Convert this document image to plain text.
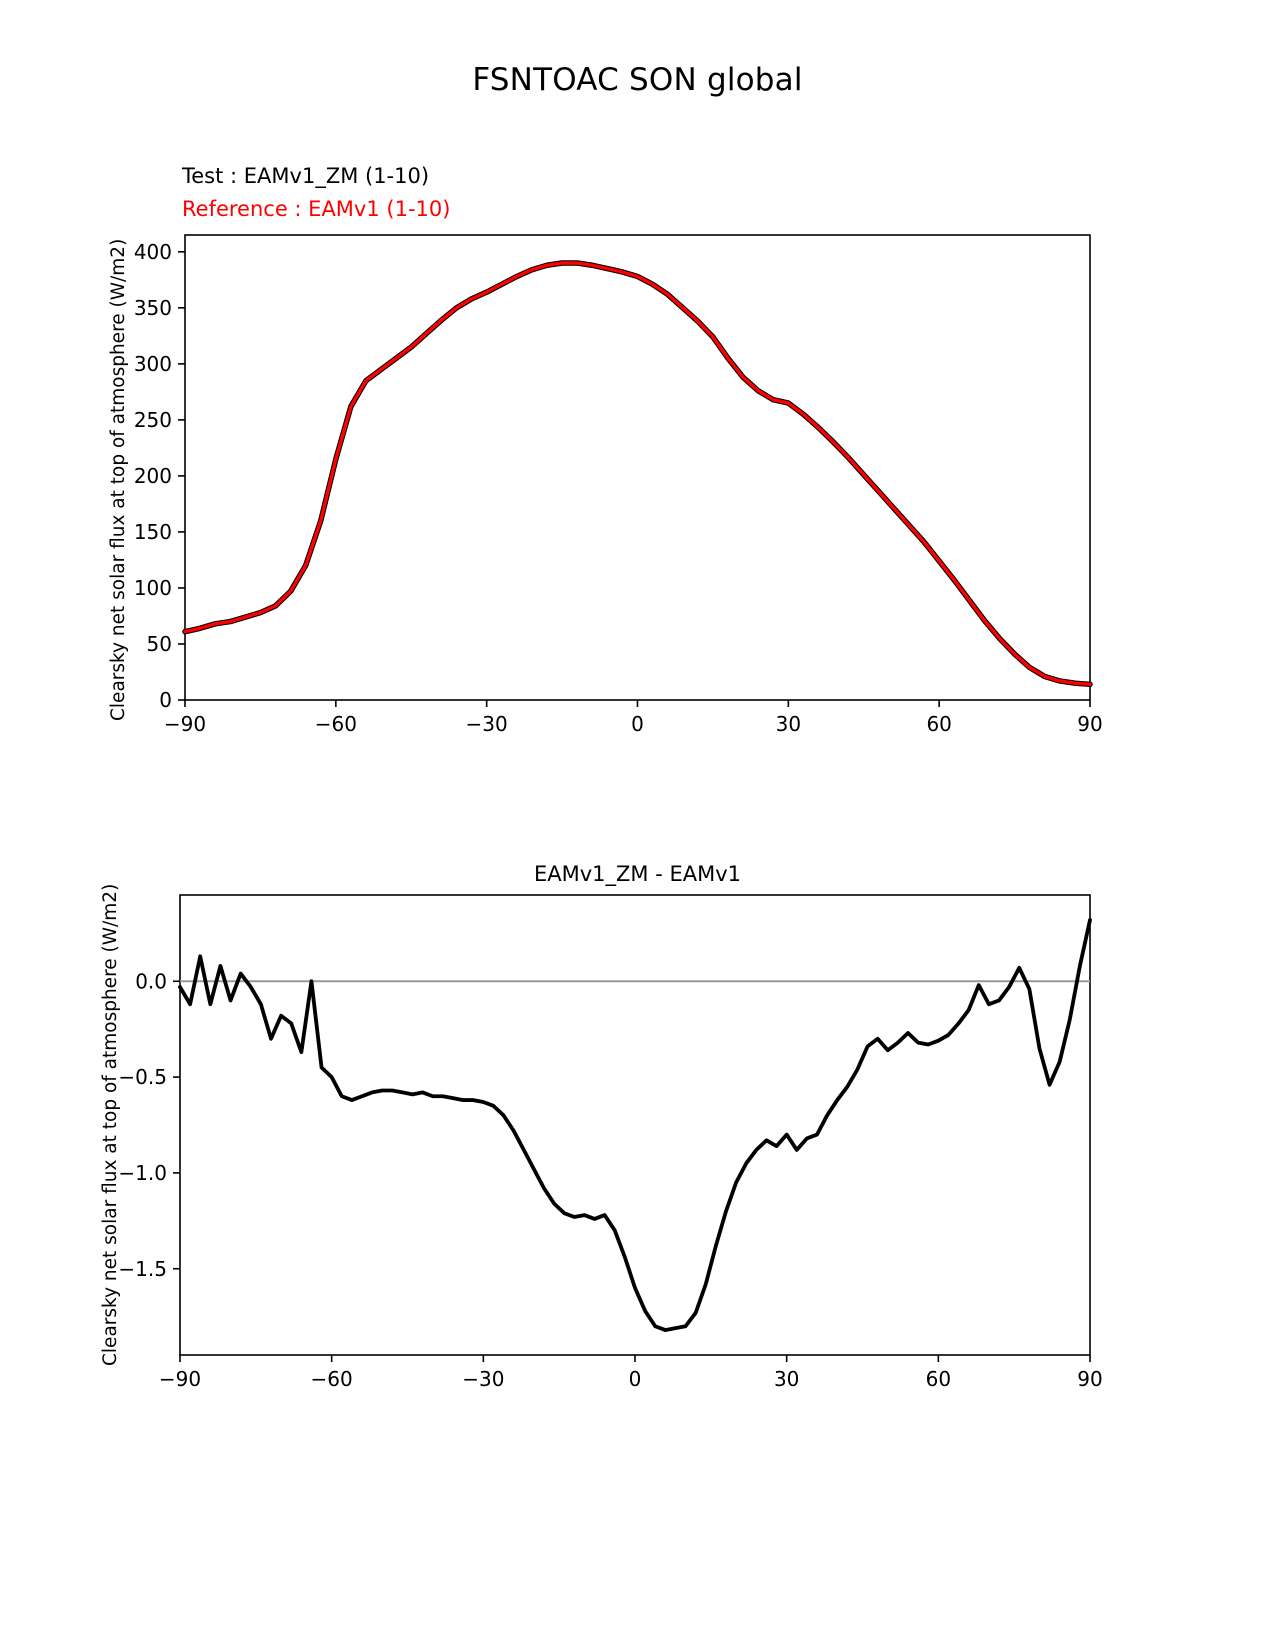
FSNTOAC SON global
Test : EAMv1_ZM (1-10)
Reference : EAMv1 (1-10)
Clearsky net solar flux at top of atmosphere (W/m2)
−90	−60	−30	0	30	60	90
0
50
100
150
200
250
300
350
400
EAMv1_ZM - EAMv1
Clearsky net solar flux at top of atmosphere (W/m2)
−90	−60	−30	0	30	60	90
−1.5
−1.0
−0.5
0.0
